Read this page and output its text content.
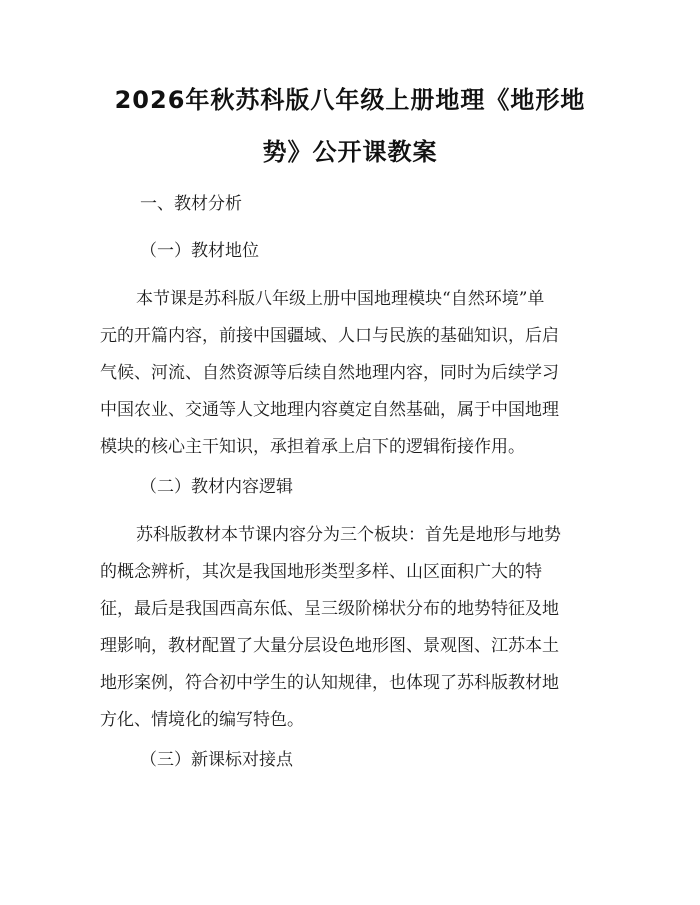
2026年秋苏科版八年级上册地理《地形地
势》公开课教案
一、教材分析
（一）教材地位
本节课是苏科版八年级上册中国地理模块“自然环境”单
元的开篇内容，前接中国疆域、人口与民族的基础知识，后启
气候、河流、自然资源等后续自然地理内容，同时为后续学习
中国农业、交通等人文地理内容奠定自然基础，属于中国地理
模块的核心主干知识，承担着承上启下的逻辑衔接作用。
（二）教材内容逻辑
苏科版教材本节课内容分为三个板块：首先是地形与地势
的概念辨析，其次是我国地形类型多样、山区面积广大的特
征，最后是我国西高东低、呈三级阶梯状分布的地势特征及地
理影响，教材配置了大量分层设色地形图、景观图、江苏本土
地形案例，符合初中学生的认知规律，也体现了苏科版教材地
方化、情境化的编写特色。
（三）新课标对接点
